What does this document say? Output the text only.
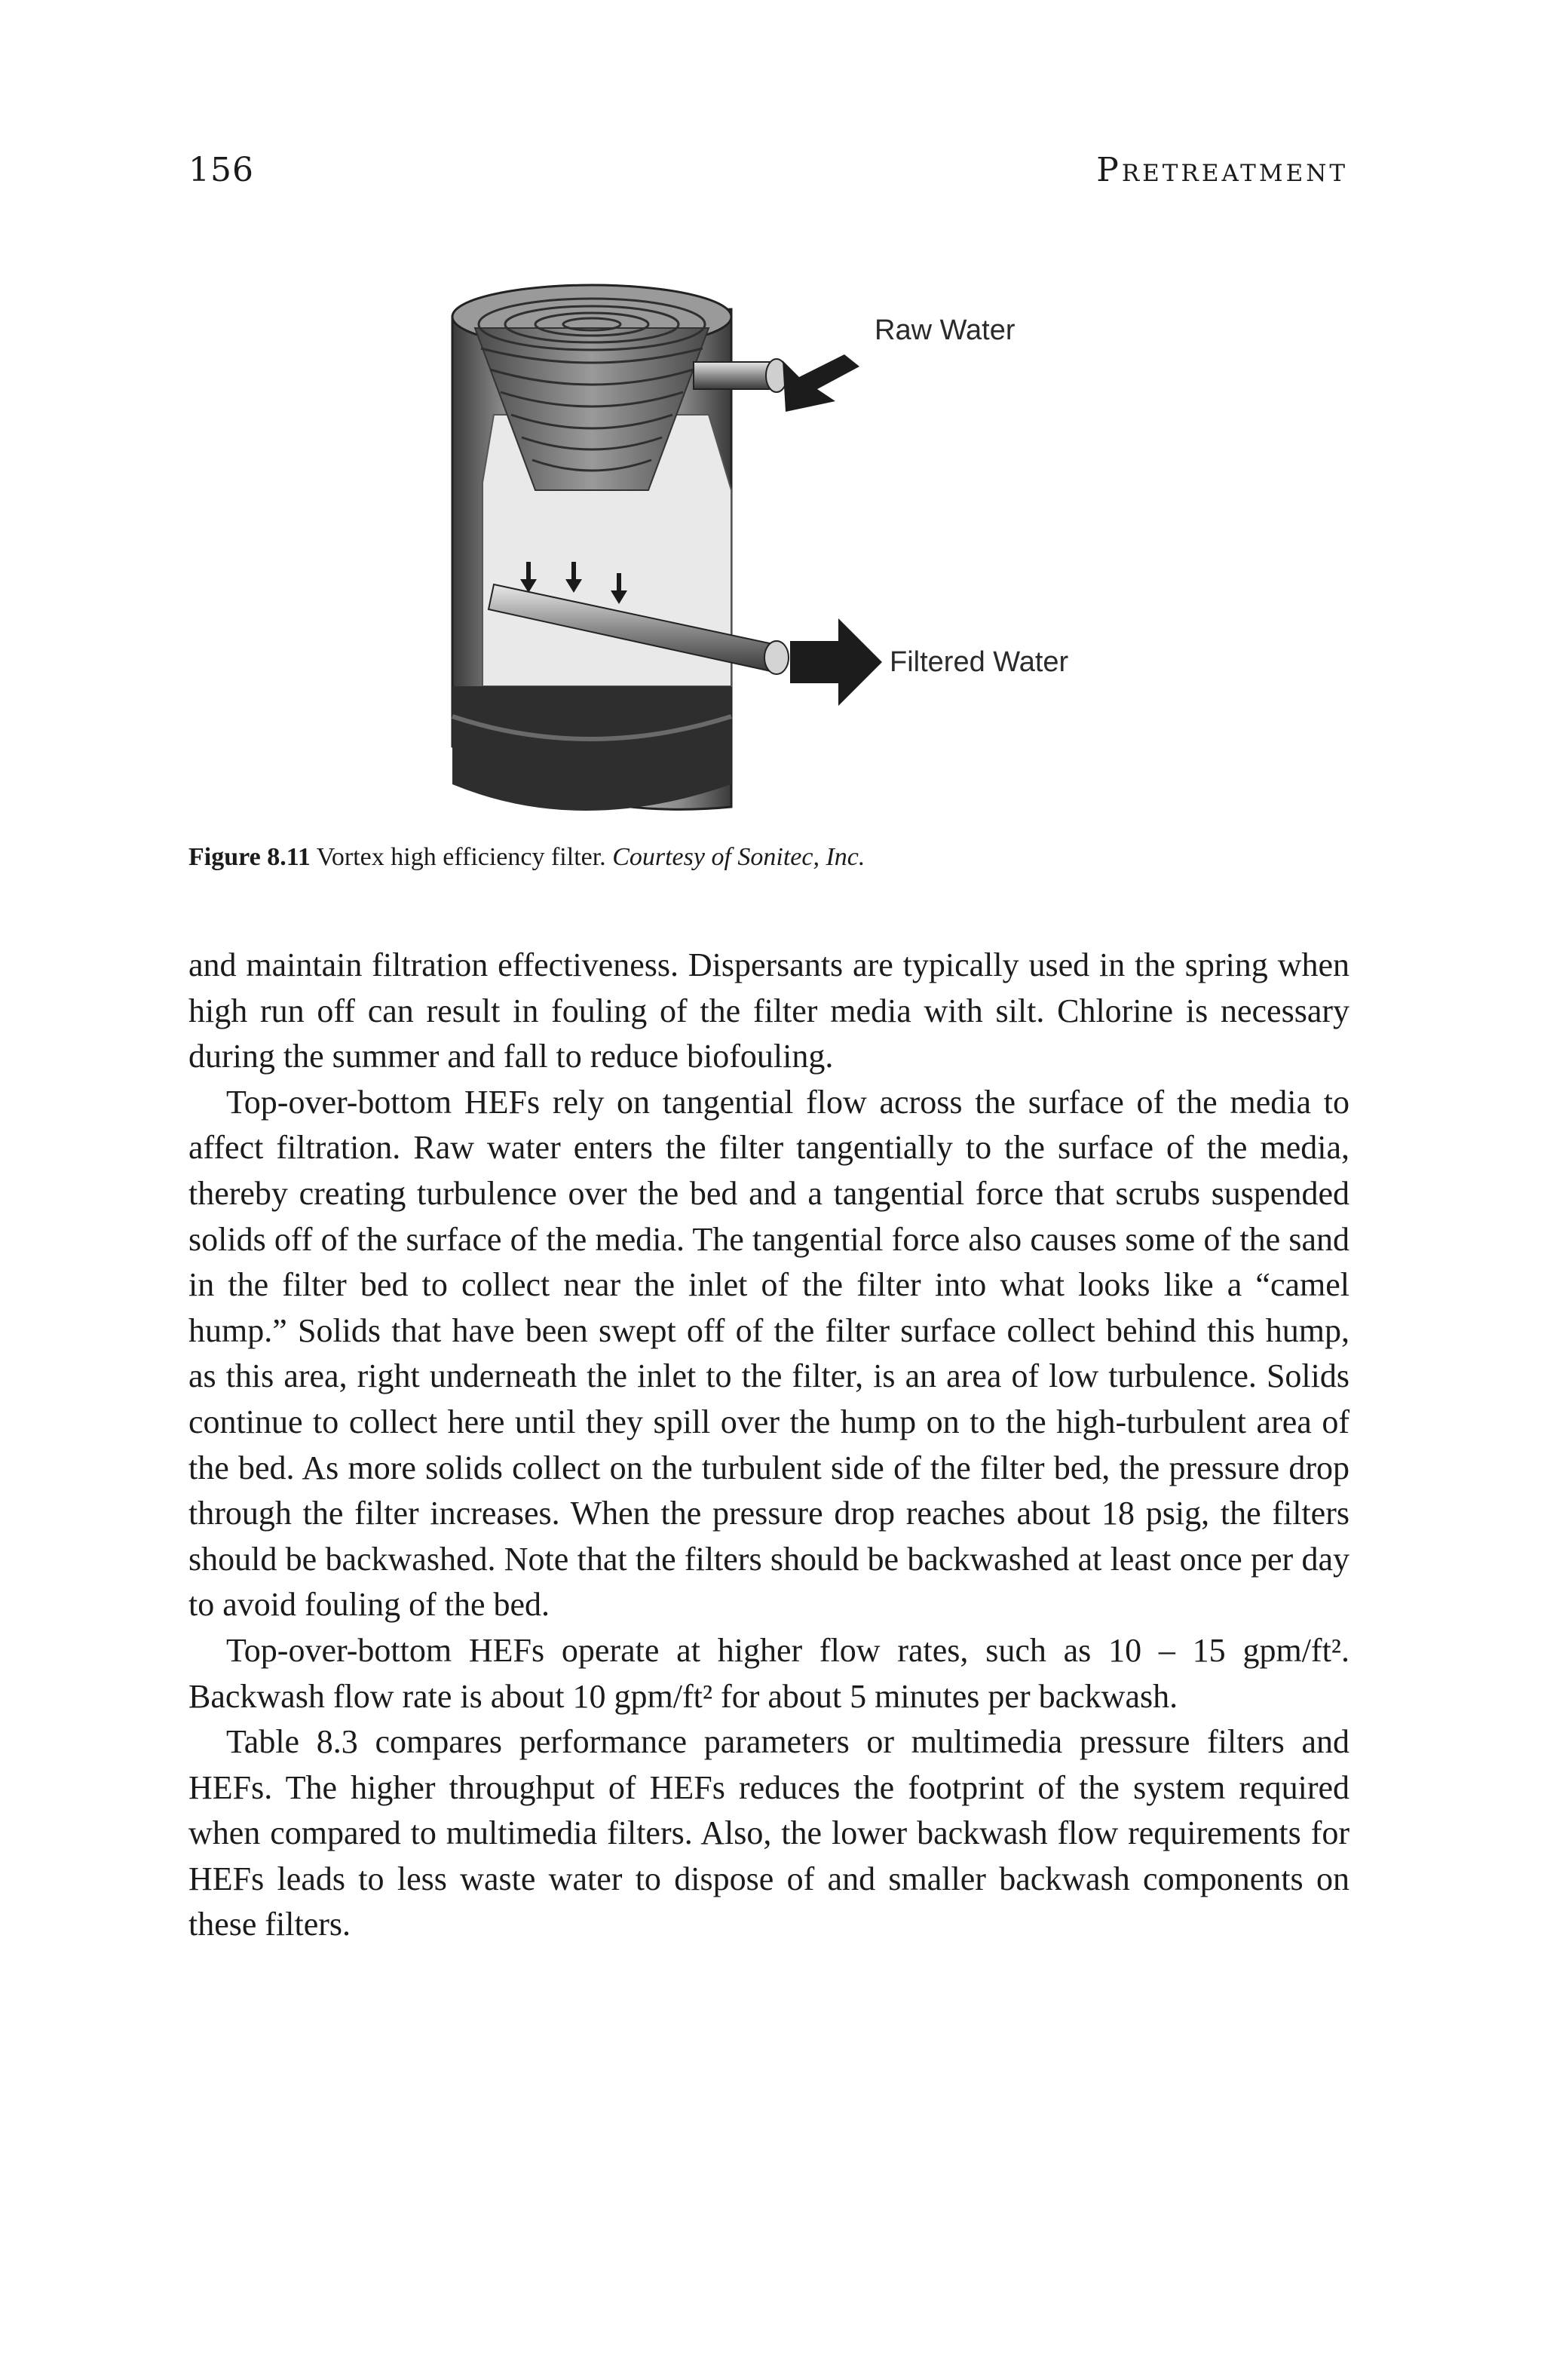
156	Pretreatment
Raw Water
Filtered Water
Figure 8.11 Vortex high efficiency filter. Courtesy of Sonitec, Inc.

and maintain filtration effectiveness. Dispersants are typically used in the spring when high run off can result in fouling of the filter media with silt. Chlorine is necessary during the summer and fall to reduce biofouling.

Top-over-bottom HEFs rely on tangential flow across the surface of the media to affect filtration. Raw water enters the filter tangentially to the surface of the media, thereby creating turbulence over the bed and a tangential force that scrubs suspended solids off of the surface of the media. The tangential force also causes some of the sand in the filter bed to collect near the inlet of the filter into what looks like a “camel hump.” Solids that have been swept off of the filter surface collect behind this hump, as this area, right underneath the inlet to the filter, is an area of low turbulence. Solids continue to collect here until they spill over the hump on to the high-turbulent area of the bed. As more solids collect on the turbulent side of the filter bed, the pressure drop through the filter increases. When the pressure drop reaches about 18 psig, the filters should be backwashed. Note that the filters should be backwashed at least once per day to avoid fouling of the bed.

Top-over-bottom HEFs operate at higher flow rates, such as 10 – 15 gpm/ft². Backwash flow rate is about 10 gpm/ft² for about 5 minutes per backwash.

Table 8.3 compares performance parameters or multimedia pressure filters and HEFs. The higher throughput of HEFs reduces the footprint of the system required when compared to multimedia filters. Also, the lower backwash flow requirements for HEFs leads to less waste water to dispose of and smaller backwash components on these filters.
